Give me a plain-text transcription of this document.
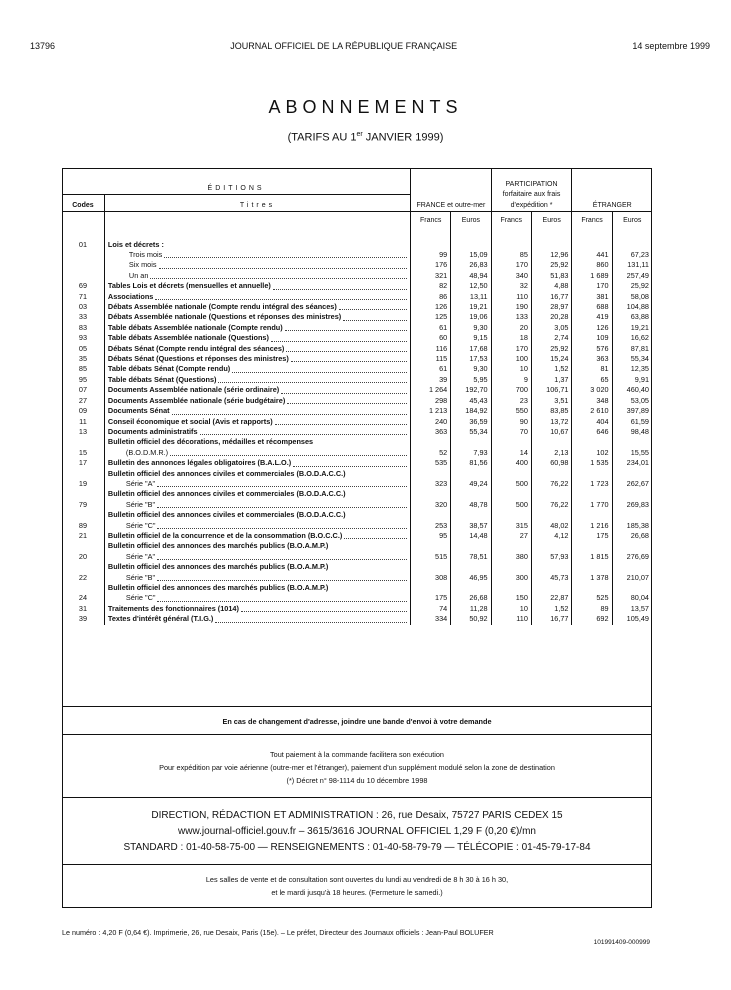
13796	JOURNAL OFFICIEL DE LA RÉPUBLIQUE FRANÇAISE	14 septembre 1999
ABONNEMENTS
(TARIFS AU 1er JANVIER 1999)
ÉDITIONS		FRANCE et outre-mer		PARTICIPATION forfaitaire aux frais d'expédition *		ÉTRANGER	
Codes	Titres						
		Francs	Euros	Francs	Euros	Francs	Euros
01	Lois et décrets :						

	Trois mois	99	15,09	85	12,96	441	67,23

	Six mois	176	26,83	170	25,92	860	131,11

	Un an	321	48,94	340	51,83	1 689	257,49
69	Tables Lois et décrets (mensuelles et annuelle)	82	12,50	32	4,88	170	25,92
71	Associations	86	13,11	110	16,77	381	58,08
03	Débats Assemblée nationale (Compte rendu intégral des séances)	126	19,21	190	28,97	688	104,88
33	Débats Assemblée nationale (Questions et réponses des ministres)	125	19,06	133	20,28	419	63,88
83	Table débats Assemblée nationale (Compte rendu)	61	9,30	20	3,05	126	19,21
93	Table débats Assemblée nationale (Questions)	60	9,15	18	2,74	109	16,62
05	Débats Sénat (Compte rendu intégral des séances)	116	17,68	170	25,92	576	87,81
35	Débats Sénat (Questions et réponses des ministres)	115	17,53	100	15,24	363	55,34
85	Table débats Sénat (Compte rendu)	61	9,30	10	1,52	81	12,35
95	Table débats Sénat (Questions)	39	5,95	9	1,37	65	9,91
07	Documents Assemblée nationale (série ordinaire)	1 264	192,70	700	106,71	3 020	460,40
27	Documents Assemblée nationale (série budgétaire)	298	45,43	23	3,51	348	53,05
09	Documents Sénat	1 213	184,92	550	83,85	2 610	397,89
11	Conseil économique et social (Avis et rapports)	240	36,59	90	13,72	404	61,59
13	Documents administratifs	363	55,34	70	10,67	646	98,48
15	Bulletin officiel des décorations, médailles et récompenses
(B.O.D.M.R.)	52	7,93	14	2,13	102	15,55
17	Bulletin des annonces légales obligatoires (B.A.L.O.)	535	81,56	400	60,98	1 535	234,01
19	Bulletin officiel des annonces civiles et commerciales (B.O.D.A.C.C.)
Série "A"	323	49,24	500	76,22	1 723	262,67
79	Bulletin officiel des annonces civiles et commerciales (B.O.D.A.C.C.)
Série "B"	320	48,78	500	76,22	1 770	269,83
89	Bulletin officiel des annonces civiles et commerciales (B.O.D.A.C.C.)
Série "C"	253	38,57	315	48,02	1 216	185,38
21	Bulletin officiel de la concurrence et de la consommation (B.O.C.C.)	95	14,48	27	4,12	175	26,68
20	Bulletin officiel des annonces des marchés publics (B.O.A.M.P.)
Série "A"	515	78,51	380	57,93	1 815	276,69
22	Bulletin officiel des annonces des marchés publics (B.O.A.M.P.)
Série "B"	308	46,95	300	45,73	1 378	210,07
24	Bulletin officiel des annonces des marchés publics (B.O.A.M.P.)
Série "C"	175	26,68	150	22,87	525	80,04
31	Traitements des fonctionnaires (1014)	74	11,28	10	1,52	89	13,57
39	Textes d'intérêt général (T.I.G.)	334	50,92	110	16,77	692	105,49
En cas de changement d'adresse, joindre une bande d'envoi à votre demande
Tout paiement à la commande facilitera son exécution
Pour expédition par voie aérienne (outre-mer et l'étranger), paiement d'un supplément modulé selon la zone de destination
(*) Décret n° 98-1114 du 10 décembre 1998
DIRECTION, RÉDACTION ET ADMINISTRATION : 26, rue Desaix, 75727 PARIS CEDEX 15
www.journal-officiel.gouv.fr – 3615/3616 JOURNAL OFFICIEL 1,29 F (0,20 €)/mn
STANDARD : 01-40-58-75-00 — RENSEIGNEMENTS : 01-40-58-79-79 — TÉLÉCOPIE : 01-45-79-17-84
Les salles de vente et de consultation sont ouvertes du lundi au vendredi de 8 h 30 à 16 h 30,
et le mardi jusqu'à 18 heures. (Fermeture le samedi.)
Le numéro : 4,20 F (0,64 €). Imprimerie, 26, rue Desaix, Paris (15e). – Le préfet, Directeur des Journaux officiels : Jean-Paul BOLUFER
101991409-000999
